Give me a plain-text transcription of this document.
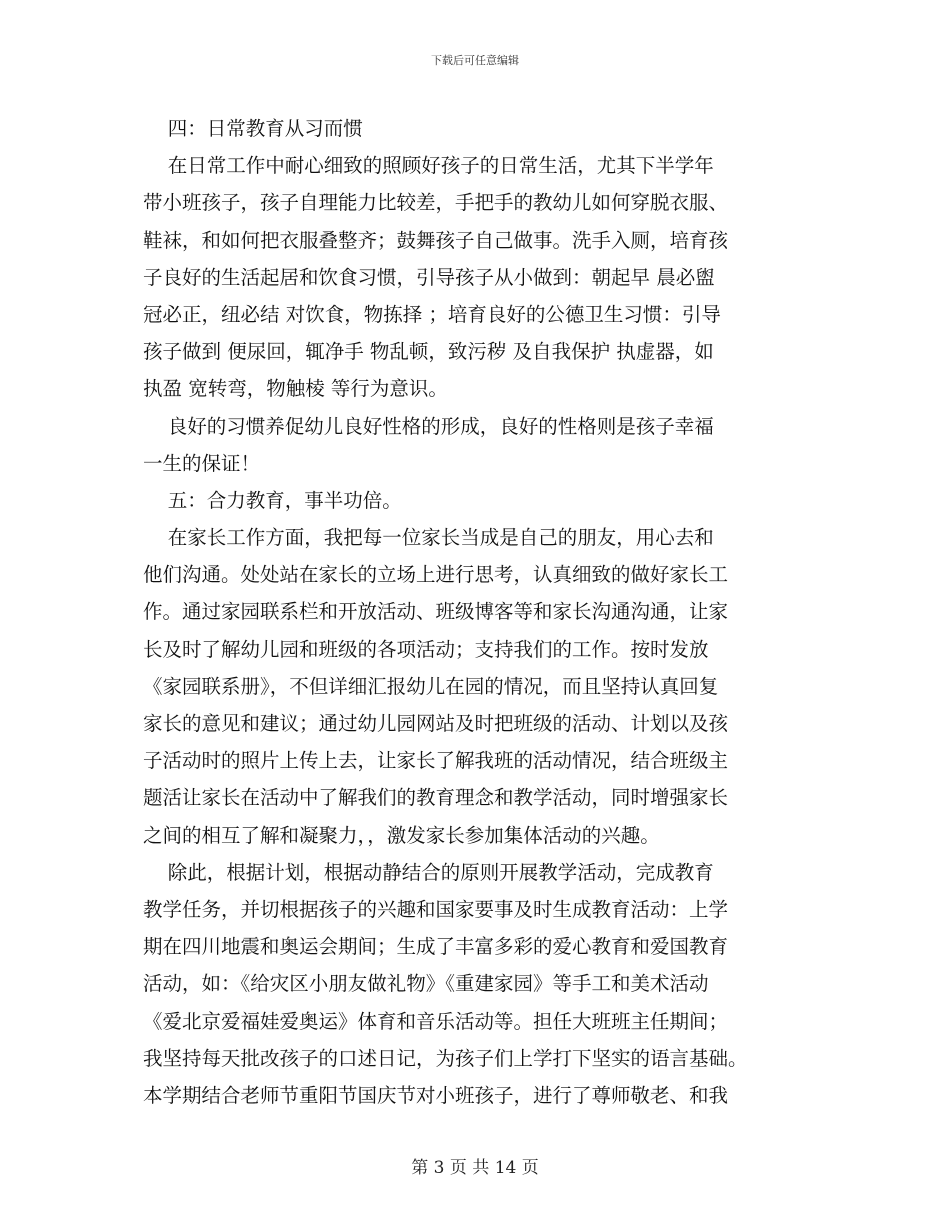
下载后可任意编辑
四：日常教育从习而惯
在日常工作中耐心细致的照顾好孩子的日常生活，尤其下半学年
带小班孩子，孩子自理能力比较差，手把手的教幼儿如何穿脱衣服、
鞋袜，和如何把衣服叠整齐；鼓舞孩子自己做事。洗手入厕，培育孩
子良好的生活起居和饮食习惯，引导孩子从小做到：朝起早 晨必盥
冠必正，纽必结 对饮食，物拣择 ；培育良好的公德卫生习惯：引导
孩子做到 便尿回，辄净手 物乱顿，致污秽 及自我保护 执虚器，如
执盈 宽转弯，物触棱 等行为意识。
良好的习惯养促幼儿良好性格的形成，良好的性格则是孩子幸福
一生的保证！
五：合力教育，事半功倍。
在家长工作方面，我把每一位家长当成是自己的朋友，用心去和
他们沟通。处处站在家长的立场上进行思考，认真细致的做好家长工
作。通过家园联系栏和开放活动、班级博客等和家长沟通沟通，让家
长及时了解幼儿园和班级的各项活动；支持我们的工作。按时发放
《家园联系册》，不但详细汇报幼儿在园的情况，而且坚持认真回复
家长的意见和建议；通过幼儿园网站及时把班级的活动、计划以及孩
子活动时的照片上传上去，让家长了解我班的活动情况，结合班级主
题活让家长在活动中了解我们的教育理念和教学活动，同时增强家长
之间的相互了解和凝聚力，，激发家长参加集体活动的兴趣。
除此，根据计划，根据动静结合的原则开展教学活动，完成教育
教学任务，并切根据孩子的兴趣和国家要事及时生成教育活动：上学
期在四川地震和奥运会期间；生成了丰富多彩的爱心教育和爱国教育
活动，如：《给灾区小朋友做礼物》《重建家园》等手工和美术活动
《爱北京爱福娃爱奥运》体育和音乐活动等。担任大班班主任期间；
我坚持每天批改孩子的口述日记，为孩子们上学打下坚实的语言基础。
本学期结合老师节重阳节国庆节对小班孩子，进行了尊师敬老、和我
第 3 页 共 14 页
